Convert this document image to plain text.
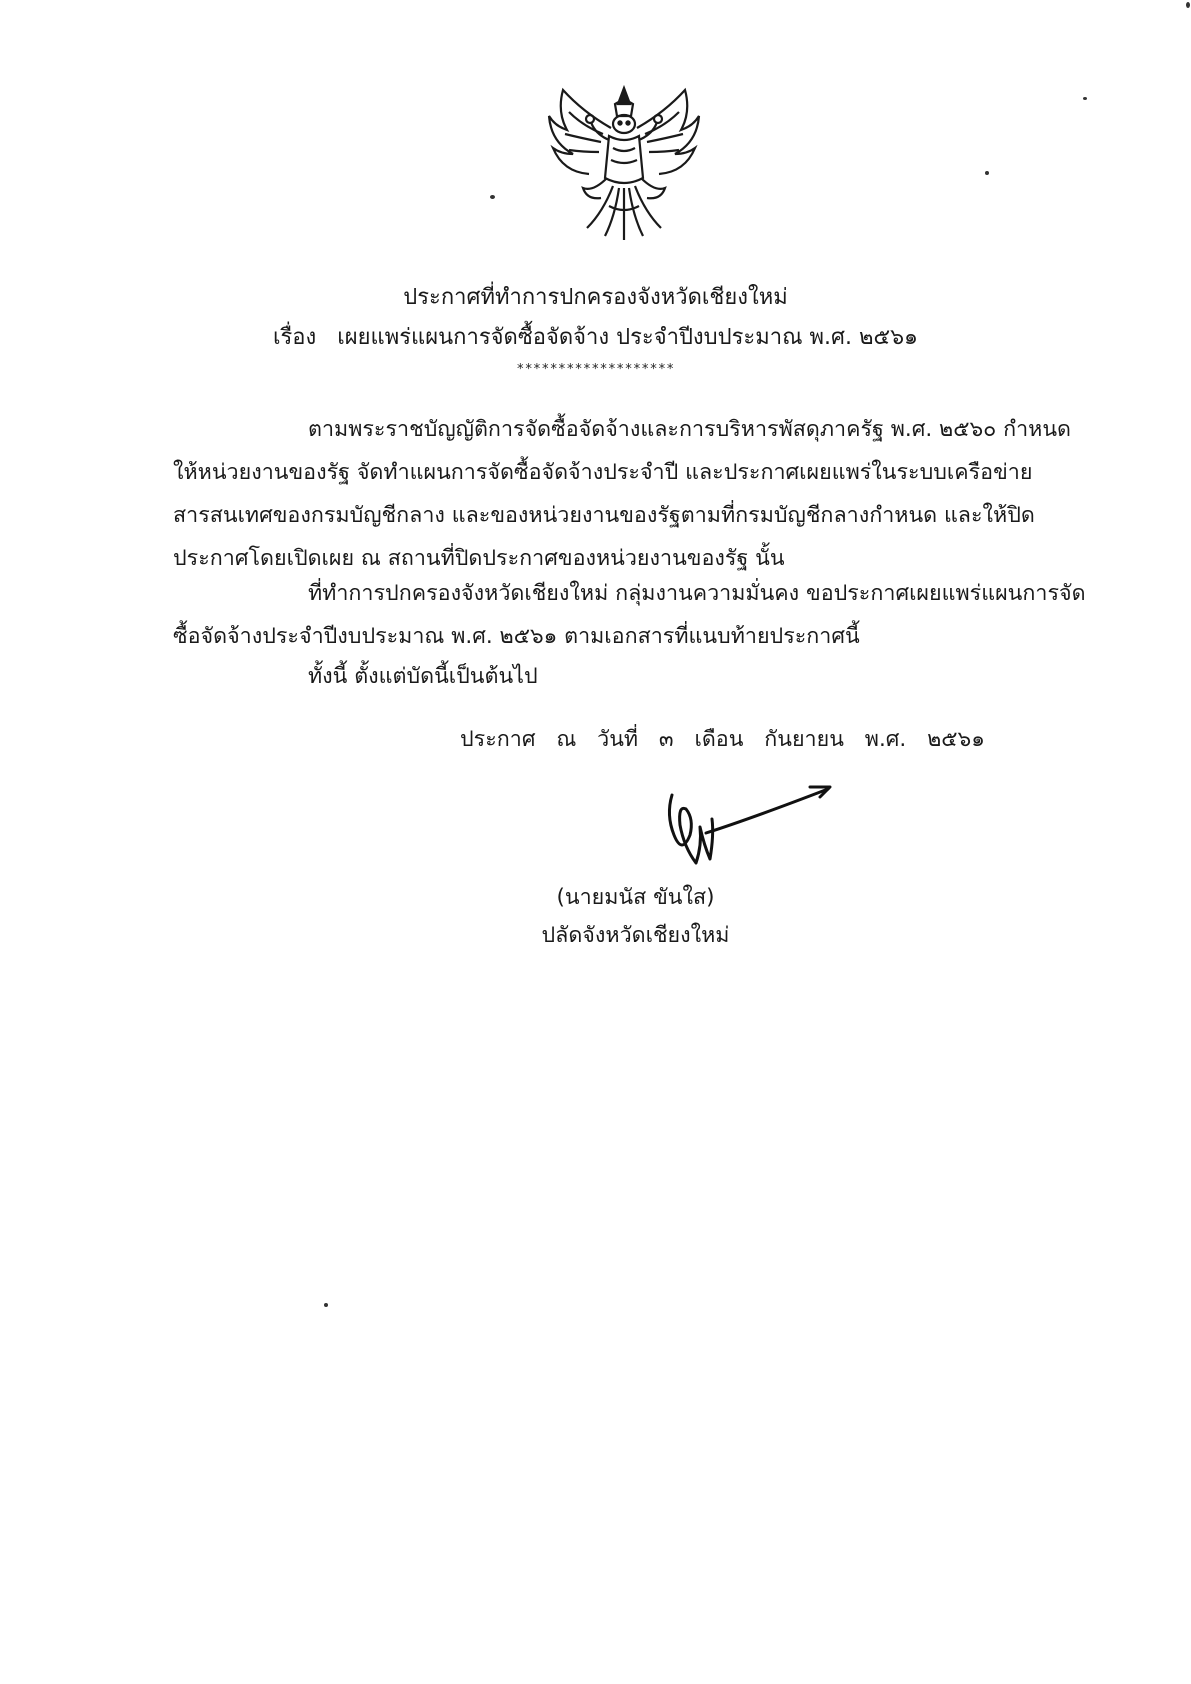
ประกาศที่ทำการปกครองจังหวัดเชียงใหม่
เรื่อง เผยแพร่แผนการจัดซื้อจัดจ้าง ประจำปีงบประมาณ พ.ศ. ๒๕๖๑
*******************
ตามพระราชบัญญัติการจัดซื้อจัดจ้างและการบริหารพัสดุภาครัฐ พ.ศ. ๒๕๖๐ กำหนดให้หน่วยงานของรัฐ จัดทำแผนการจัดซื้อจัดจ้างประจำปี และประกาศเผยแพร่ในระบบเครือข่ายสารสนเทศของกรมบัญชีกลาง และของหน่วยงานของรัฐตามที่กรมบัญชีกลางกำหนด และให้ปิดประกาศโดยเปิดเผย ณ สถานที่ปิดประกาศของหน่วยงานของรัฐ นั้น
ที่ทำการปกครองจังหวัดเชียงใหม่ กลุ่มงานความมั่นคง ขอประกาศเผยแพร่แผนการจัดซื้อจัดจ้างประจำปีงบประมาณ พ.ศ. ๒๕๖๑ ตามเอกสารที่แนบท้ายประกาศนี้
ทั้งนี้ ตั้งแต่บัดนี้เป็นต้นไป
ประกาศ ณ วันที่ ๓ เดือน กันยายน พ.ศ. ๒๕๖๑
(นายมนัส ขันใส)
ปลัดจังหวัดเชียงใหม่
